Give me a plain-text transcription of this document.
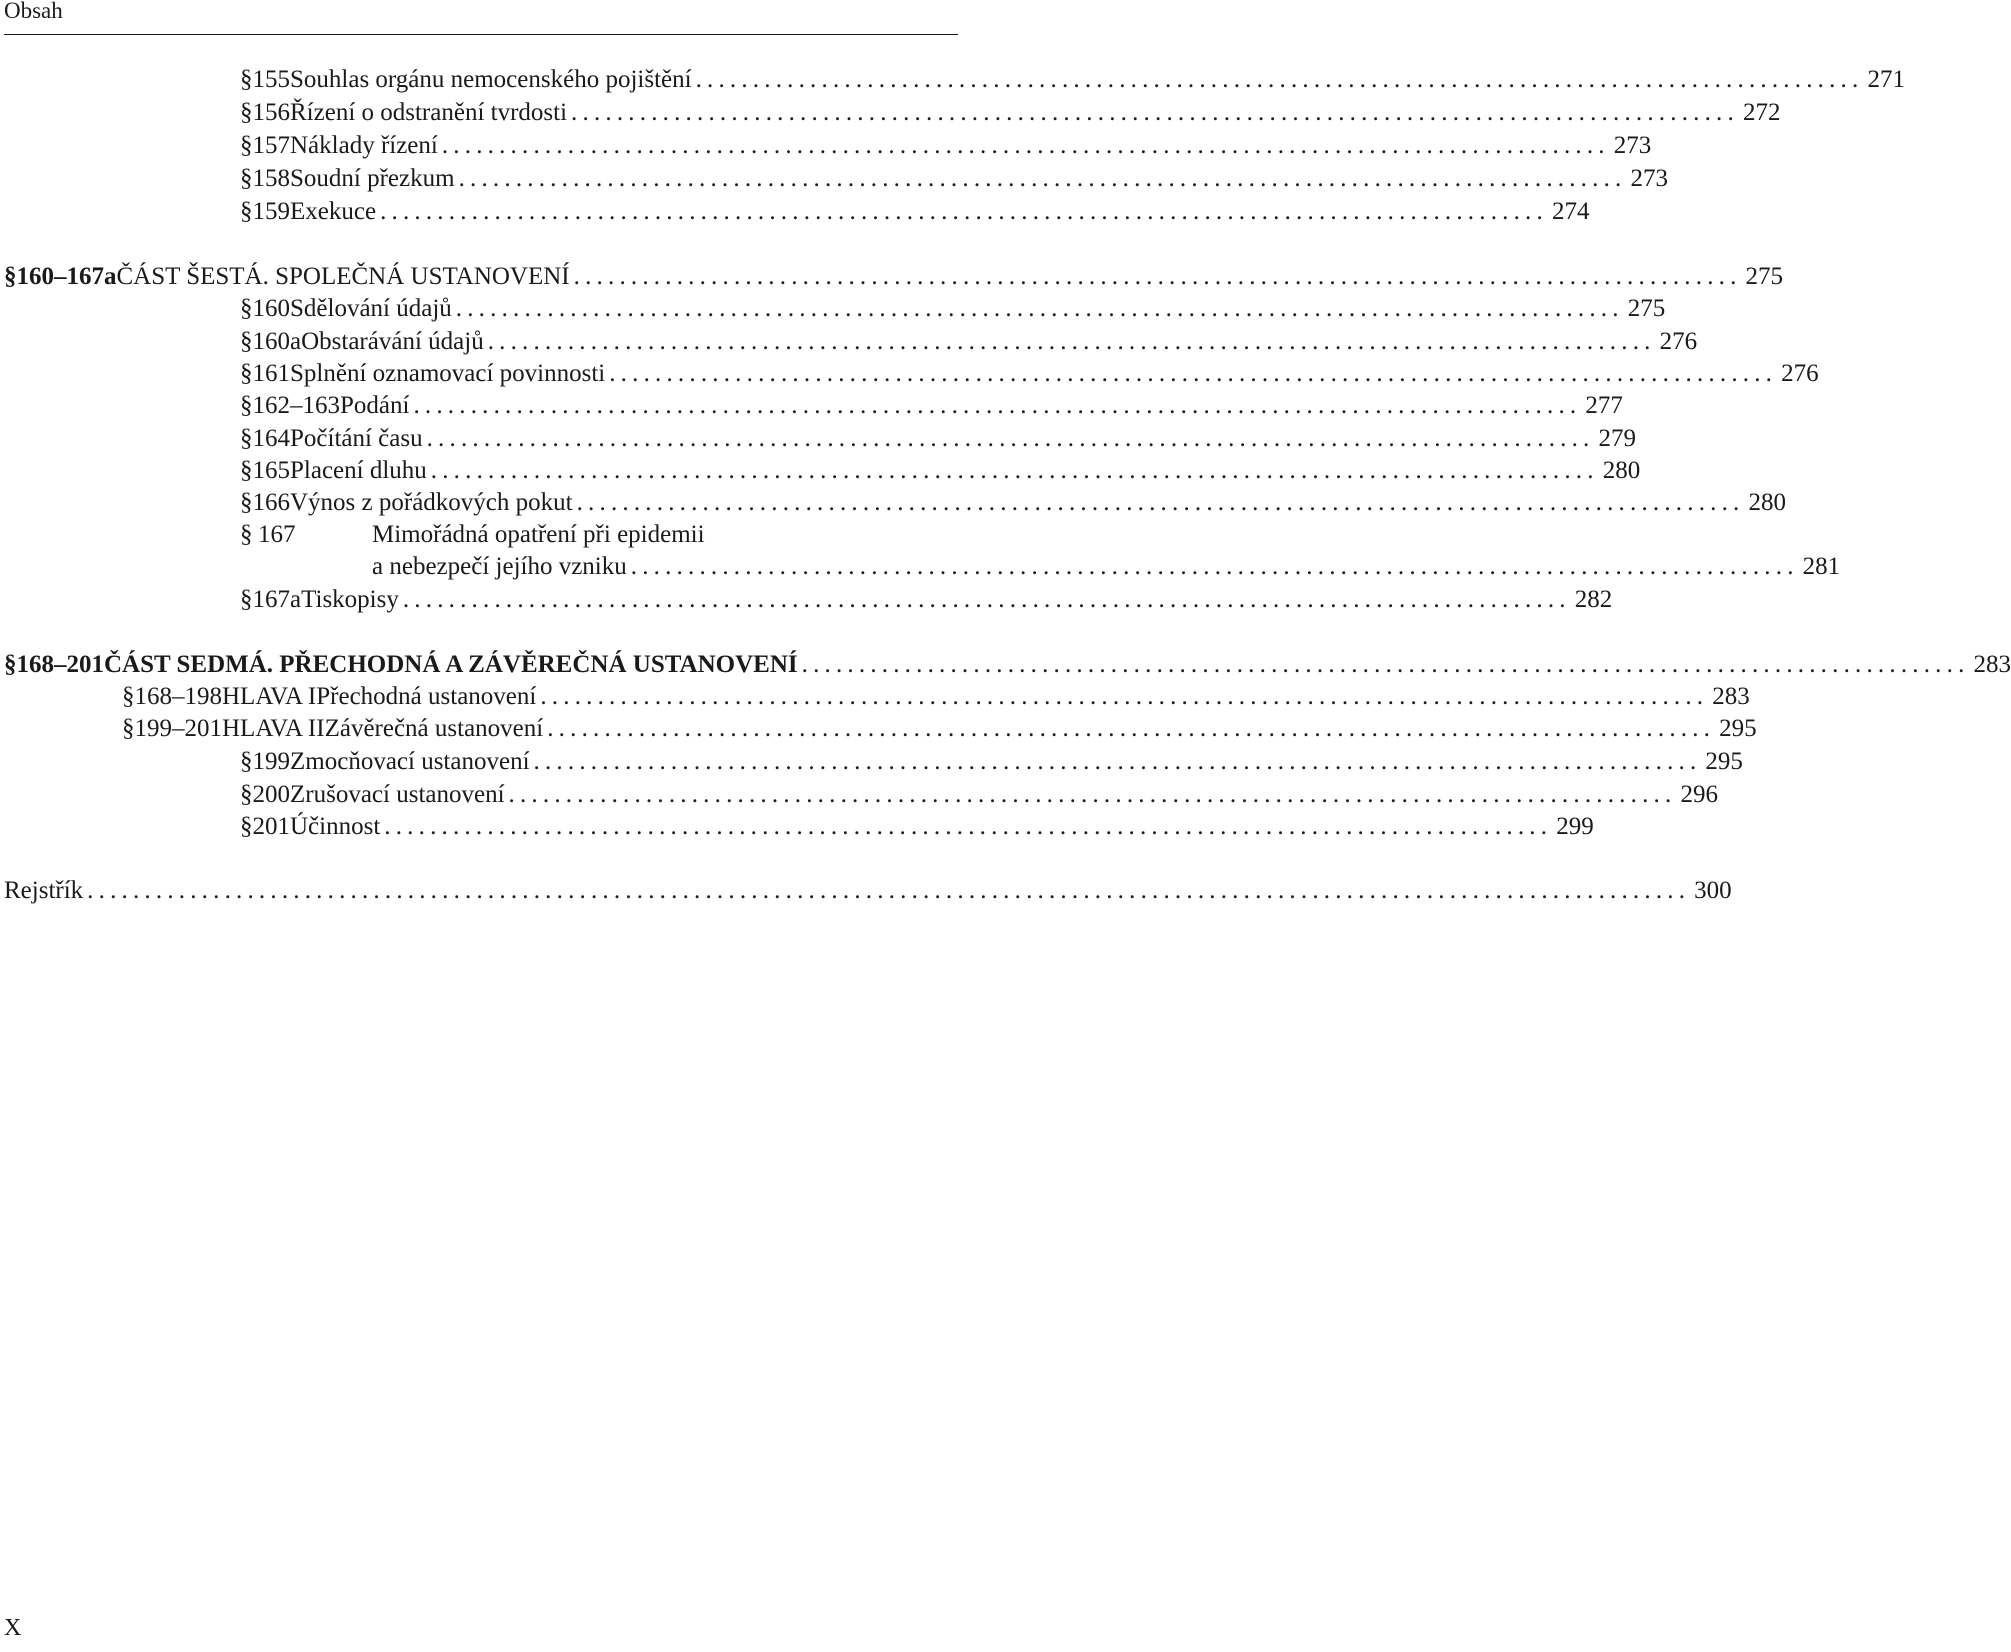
Obsah
§ 155 Souhlas orgánu nemocenského pojištění ...................................................................................................... 271
§ 156 Řízení o odstranění tvrdosti ...................................................................................................... 272
§ 157 Náklady řízení ...................................................................................................... 273
§ 158 Soudní přezkum ...................................................................................................... 273
§ 159 Exekuce ...................................................................................................... 274
§ 160–167a ČÁST ŠESTÁ. SPOLEČNÁ USTANOVENÍ ...................................................................................................... 275
§ 160 Sdělování údajů ...................................................................................................... 275
§ 160a Obstarávání údajů ...................................................................................................... 276
§ 161 Splnění oznamovací povinnosti ...................................................................................................... 276
§ 162–163 Podání ...................................................................................................... 277
§ 164 Počítání času ...................................................................................................... 279
§ 165 Placení dluhu ...................................................................................................... 280
§ 166 Výnos z pořádkových pokut ...................................................................................................... 280
§ 167	Mimořádná opatření při epidemii
a nebezpečí jejího vzniku ...................................................................................................... 281
§ 167a Tiskopisy ...................................................................................................... 282
§ 168–201 ČÁST SEDMÁ. PŘECHODNÁ A ZÁVĚREČNÁ USTANOVENÍ ...................................................................................................... 283
§ 168–198 HLAVA I Přechodná ustanovení ...................................................................................................... 283
§ 199–201 HLAVA II Závěrečná ustanovení ...................................................................................................... 295
§ 199 Zmocňovací ustanovení ...................................................................................................... 295
§ 200 Zrušovací ustanovení ...................................................................................................... 296
§ 201 Účinnost ...................................................................................................... 299
Rejstřík ............................................................................................................................................ 300
X
